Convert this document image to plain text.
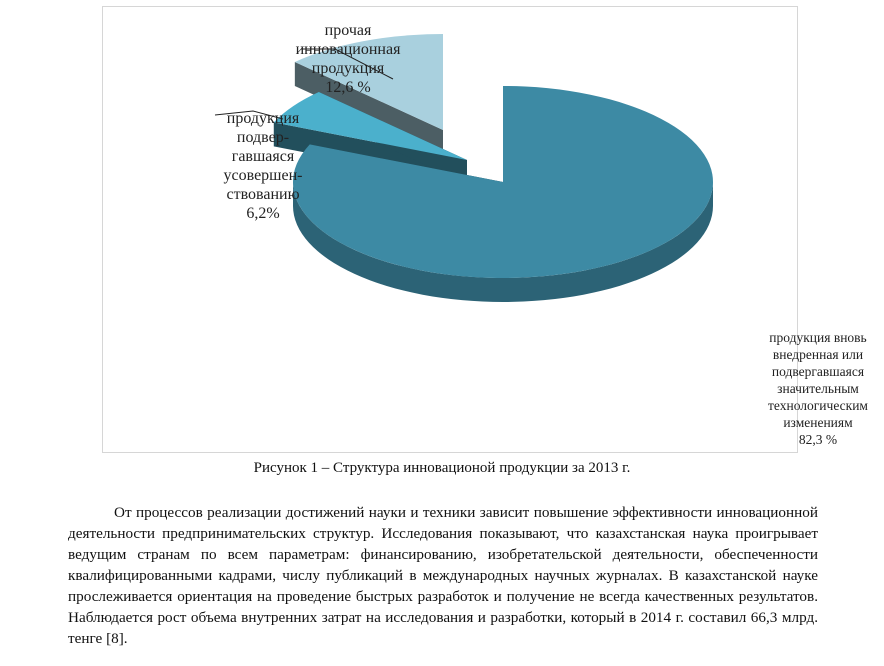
прочая
инновационная
продукция
12,6 %
продукция
подвер-
гавшаяся
усовершен-
ствованию
6,2%
продукция вновь
внедренная или
подвергавшаяся
значительным
технологическим
изменениям
82,3 %
Рисунок 1 – Структура инновационой продукции за 2013 г.

От процессов реализации достижений науки и техники зависит повышение эффективности инновационной деятельности предпринимательских структур. Исследования показывают, что казахстанская наука проигрывает ведущим странам по всем параметрам: финансированию, изобретательской деятельности, обеспеченности квалифицированными кадрами, числу публикаций в международных научных журналах. В казахстанской науке прослеживается ориентация на проведение быстрых разработок и получение не всегда качественных результатов. Наблюдается рост объема внутренних затрат на исследования и разработки, который в 2014 г. составил 66,3 млрд. тенге [8].
